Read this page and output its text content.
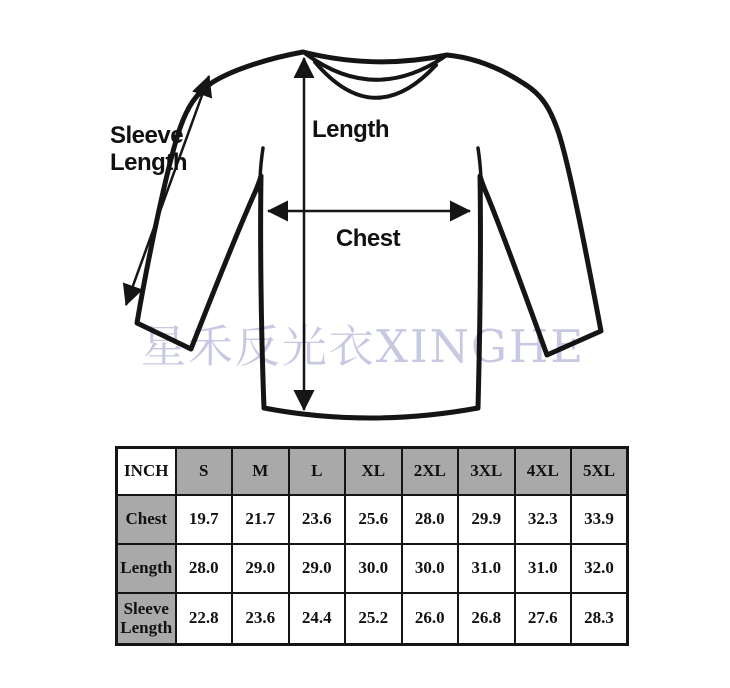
Sleeve
Length
Length
Chest
星禾反光衣XINGHE
INCH	S	M	L	XL	2XL	3XL	4XL	5XL
Chest	19.7	21.7	23.6	25.6	28.0	29.9	32.3	33.9
Length	28.0	29.0	29.0	30.0	30.0	31.0	31.0	32.0
Sleeve Length	22.8	23.6	24.4	25.2	26.0	26.8	27.6	28.3
